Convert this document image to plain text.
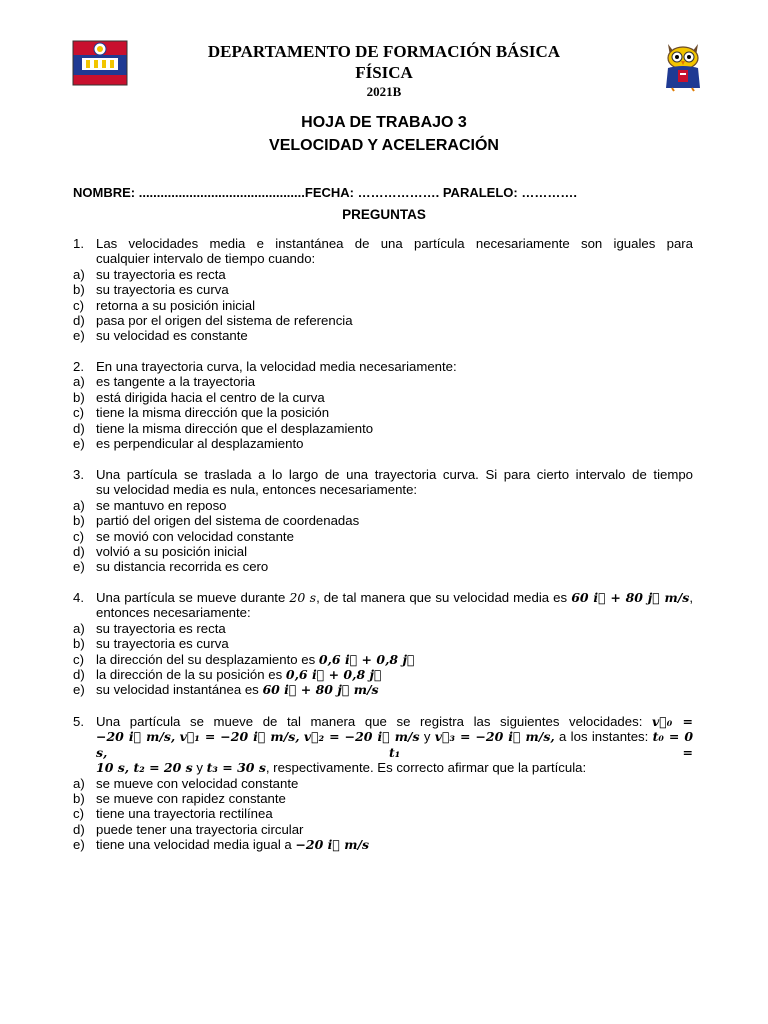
DEPARTAMENTO DE FORMACIÓN BÁSICA
FÍSICA
2021B
HOJA DE TRABAJO 3
VELOCIDAD Y ACELERACIÓN
NOMBRE: ..............................................FECHA: ………………. PARALELO: ………….
PREGUNTAS
1. Las velocidades media e instantánea de una partícula necesariamente son iguales para
cualquier intervalo de tiempo cuando:
a) su trayectoria es recta
b) su trayectoria es curva
c) retorna a su posición inicial
d) pasa por el origen del sistema de referencia
e) su velocidad es constante
2. En una trayectoria curva, la velocidad media necesariamente:
a) es tangente a la trayectoria
b) está dirigida hacia el centro de la curva
c) tiene la misma dirección que la posición
d) tiene la misma dirección que el desplazamiento
e) es perpendicular al desplazamiento
3. Una partícula se traslada a lo largo de una trayectoria curva. Si para cierto intervalo de tiempo
su velocidad media es nula, entonces necesariamente:
a) se mantuvo en reposo
b) partió del origen del sistema de coordenadas
c) se movió con velocidad constante
d) volvió a su posición inicial
e) su distancia recorrida es cero
4. Una partícula se mueve durante 20 s, de tal manera que su velocidad media es 60 i⃗ + 80 j⃗ m/s,
entonces necesariamente:
a) su trayectoria es recta
b) su trayectoria es curva
c) la dirección del su desplazamiento es 0,6 i⃗ + 0,8 j⃗
d) la dirección de la su posición es 0,6 i⃗ + 0,8 j⃗
e) su velocidad instantánea es 60 i⃗ + 80 j⃗ m/s
5. Una partícula se mueve de tal manera que se registra las siguientes velocidades: v⃗₀ =
−20 i⃗ m/s, v⃗₁ = −20 i⃗ m/s, v⃗₂ = −20 i⃗ m/s y v⃗₃ = −20 i⃗ m/s, a los instantes: t₀ = 0 s,	t₁ =
10 s, t₂ = 20 s y t₃ = 30 s, respectivamente. Es correcto afirmar que la partícula:
a) se mueve con velocidad constante
b) se mueve con rapidez constante
c) tiene una trayectoria rectilínea
d) puede tener una trayectoria circular
e) tiene una velocidad media igual a −20 i⃗ m/s
